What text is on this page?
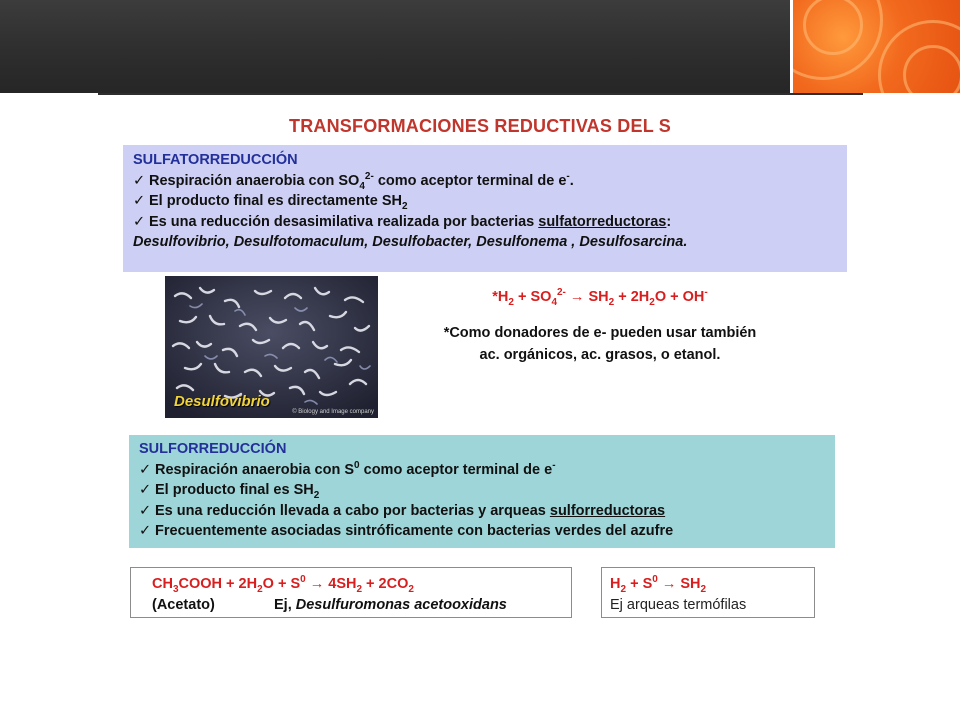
TRANSFORMACIONES REDUCTIVAS DEL S
SULFATORREDUCCIÓN
✓ Respiración anaerobia con $SO_4^{2-}$ como aceptor terminal de e-.
✓ El producto final es directamente $SH_2$
✓ Es una reducción desasimilativa realizada por bacterias sulfatorreductoras:
Desulfovibrio, Desulfotomaculum, Desulfobacter, Desulfonema , Desulfosarcina.
Desulfovibrio
© Biology and Image company
$*H_2 + SO_4^{2-} \to SH_2 + 2H_2O + OH^-$
*Como donadores de e- pueden usar también
ac. orgánicos, ac. grasos, o etanol.
SULFORREDUCCIÓN
✓ Respiración anaerobia con $S^0$ como aceptor terminal de e-
✓ El producto final es $SH_2$
✓ Es una reducción llevada a cabo por bacterias y arqueas sulforreductoras
✓ Frecuentemente asociadas sintróficamente con bacterias verdes del azufre
$CH_3COOH + 2H_2O + S^0 \to 4SH_2 + 2CO_2$
(Acetato)	Ej, Desulfuromonas acetooxidans
$H_2 + S^0 \to SH_2$
Ej arqueas termófilas
